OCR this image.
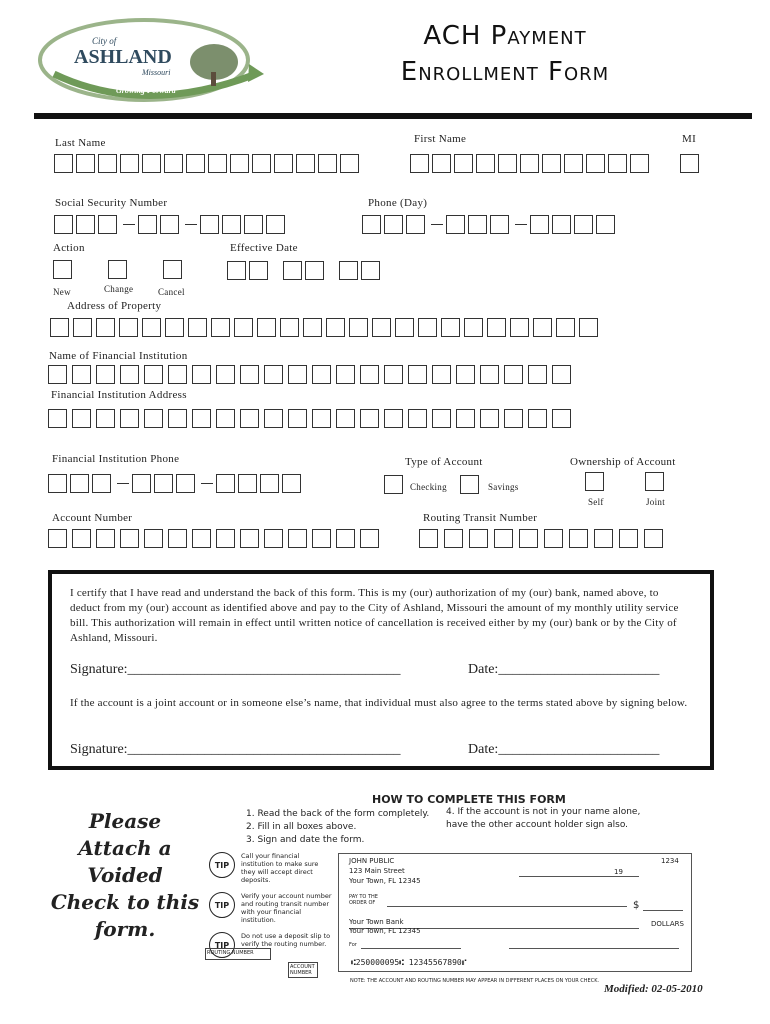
City of
ASHLAND
Missouri
Growing Forward
ACH Payment
Enrollment Form
Last Name	First Name	MI
Social Security Number	Phone (Day)
Action	Effective Date
New	Change	Cancel
Address of Property
Name of Financial Institution
Financial Institution Address
Financial Institution Phone	Type of Account
Checking	Savings
Ownership of Account
Self	Joint
Account Number	Routing Transit Number

I certify that I have read and understand the back of this form. This is my (our) authorization of my (our) bank, named above, to deduct from my (our) account as identified above and pay to the City of Ashland, Missouri the amount of my monthly utility service bill. This authorization will remain in effect until written notice of cancellation is received either by my (our) bank or by the City of Ashland, Missouri.

Signature:_______________________________________	Date:_______________________

If the account is a joint account or in someone else’s name, that individual must also agree to the terms stated above by signing below.

Signature:_______________________________________	Date:_______________________
Please Attach a Voided Check to this form.
HOW TO COMPLETE THIS FORM
1. Read the back of the form completely.
2. Fill in all boxes above.
3. Sign and date the form.
4. If the account is not in your name alone, have the other account holder sign also.
TIP
Call your financial institution to make sure they will accept direct deposits.
TIP
Verify your account number and routing transit number with your financial institution.
TIP
Do not use a deposit slip to verify the routing number.
ROUTING NUMBER
ACCOUNT NUMBER
JOHN PUBLIC
123 Main Street
Your Town, FL 12345
1234
19
PAY TO THE ORDER OF	$
DOLLARS
Your Town Bank
Your Town, FL 12345
For
⑆250000095⑆ 12345567890⑈
NOTE: THE ACCOUNT AND ROUTING NUMBER MAY APPEAR IN DIFFERENT PLACES ON YOUR CHECK.
Modified: 02-05-2010
